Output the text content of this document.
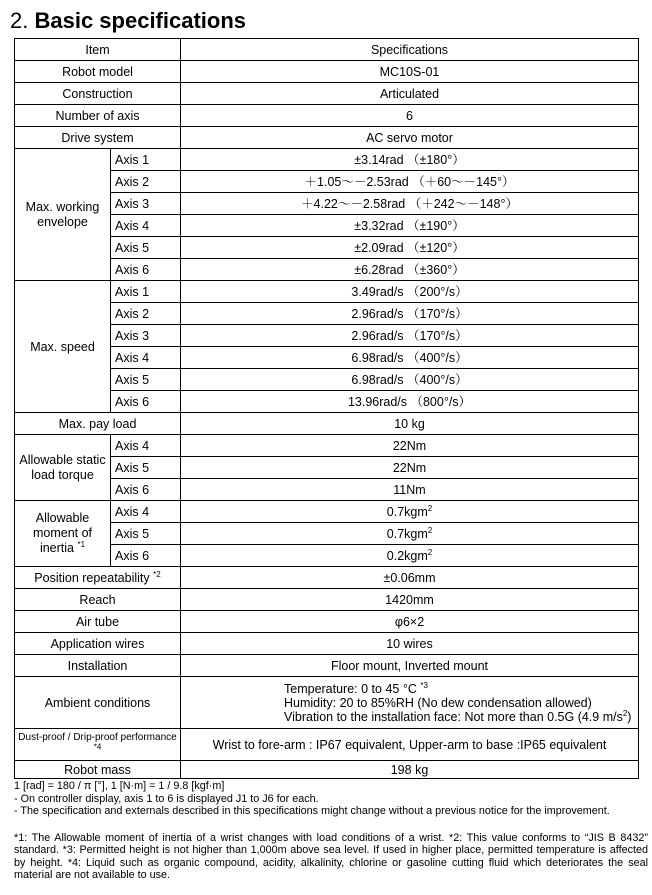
2. Basic specifications
Item		Specifications
Robot model		MC10S-01
Construction		Articulated
Number of axis		6
Drive system		AC servo motor
Max. working envelope	Axis 1	±3.14rad （±180°）
	Axis 2	＋1.05～－2.53rad （＋60～－145°）
	Axis 3	＋4.22～－2.58rad （＋242～－148°）
	Axis 4	±3.32rad （±190°）
	Axis 5	±2.09rad （±120°）
	Axis 6	±6.28rad （±360°）
Max. speed	Axis 1	3.49rad/s （200°/s）
	Axis 2	2.96rad/s （170°/s）
	Axis 3	2.96rad/s （170°/s）
	Axis 4	6.98rad/s （400°/s）
	Axis 5	6.98rad/s （400°/s）
	Axis 6	13.96rad/s （800°/s）
Max. pay load		10 kg
Allowable static load torque	Axis 4	22Nm
	Axis 5	22Nm
	Axis 6	11Nm
Allowable moment of inertia $^{*1}$	Axis 4	0.7kgm$^2$
	Axis 5	0.7kgm$^2$
	Axis 6	0.2kgm$^2$
Position repeatability $^{*2}$		±0.06mm
Reach		1420mm
Air tube		φ6×2
Application wires		10 wires
Installation		Floor mount, Inverted mount
Ambient conditions		Temperature: 0 to 45 °C $^{*3}$
Humidity: 20 to 85%RH (No dew condensation allowed)
Vibration to the installation face: Not more than 0.5G (4.9 $m/s^2$)

Dust-proof / Drip-proof performance $^{*4}$		Wrist to fore-arm : IP67 equivalent, Upper-arm to base :IP65 equivalent
Robot mass		198 kg

1 [rad] = 180 / π [°], 1 [N·m] = 1 / 9.8 [kgf·m]

- On controller display, axis 1 to 6 is displayed J1 to J6 for each.

- The specification and externals described in this specifications might change without a previous notice for the improvement.

*1: The Allowable moment of inertia of a wrist changes with load conditions of a wrist. *2: This value conforms to “JIS B 8432” standard. *3: Permitted height is not higher than 1,000m above sea level. If used in higher place, permitted temperature is affected by height. *4: Liquid such as organic compound, acidity, alkalinity, chlorine or gasoline cutting fluid which deteriorates the seal material are not available to use.
